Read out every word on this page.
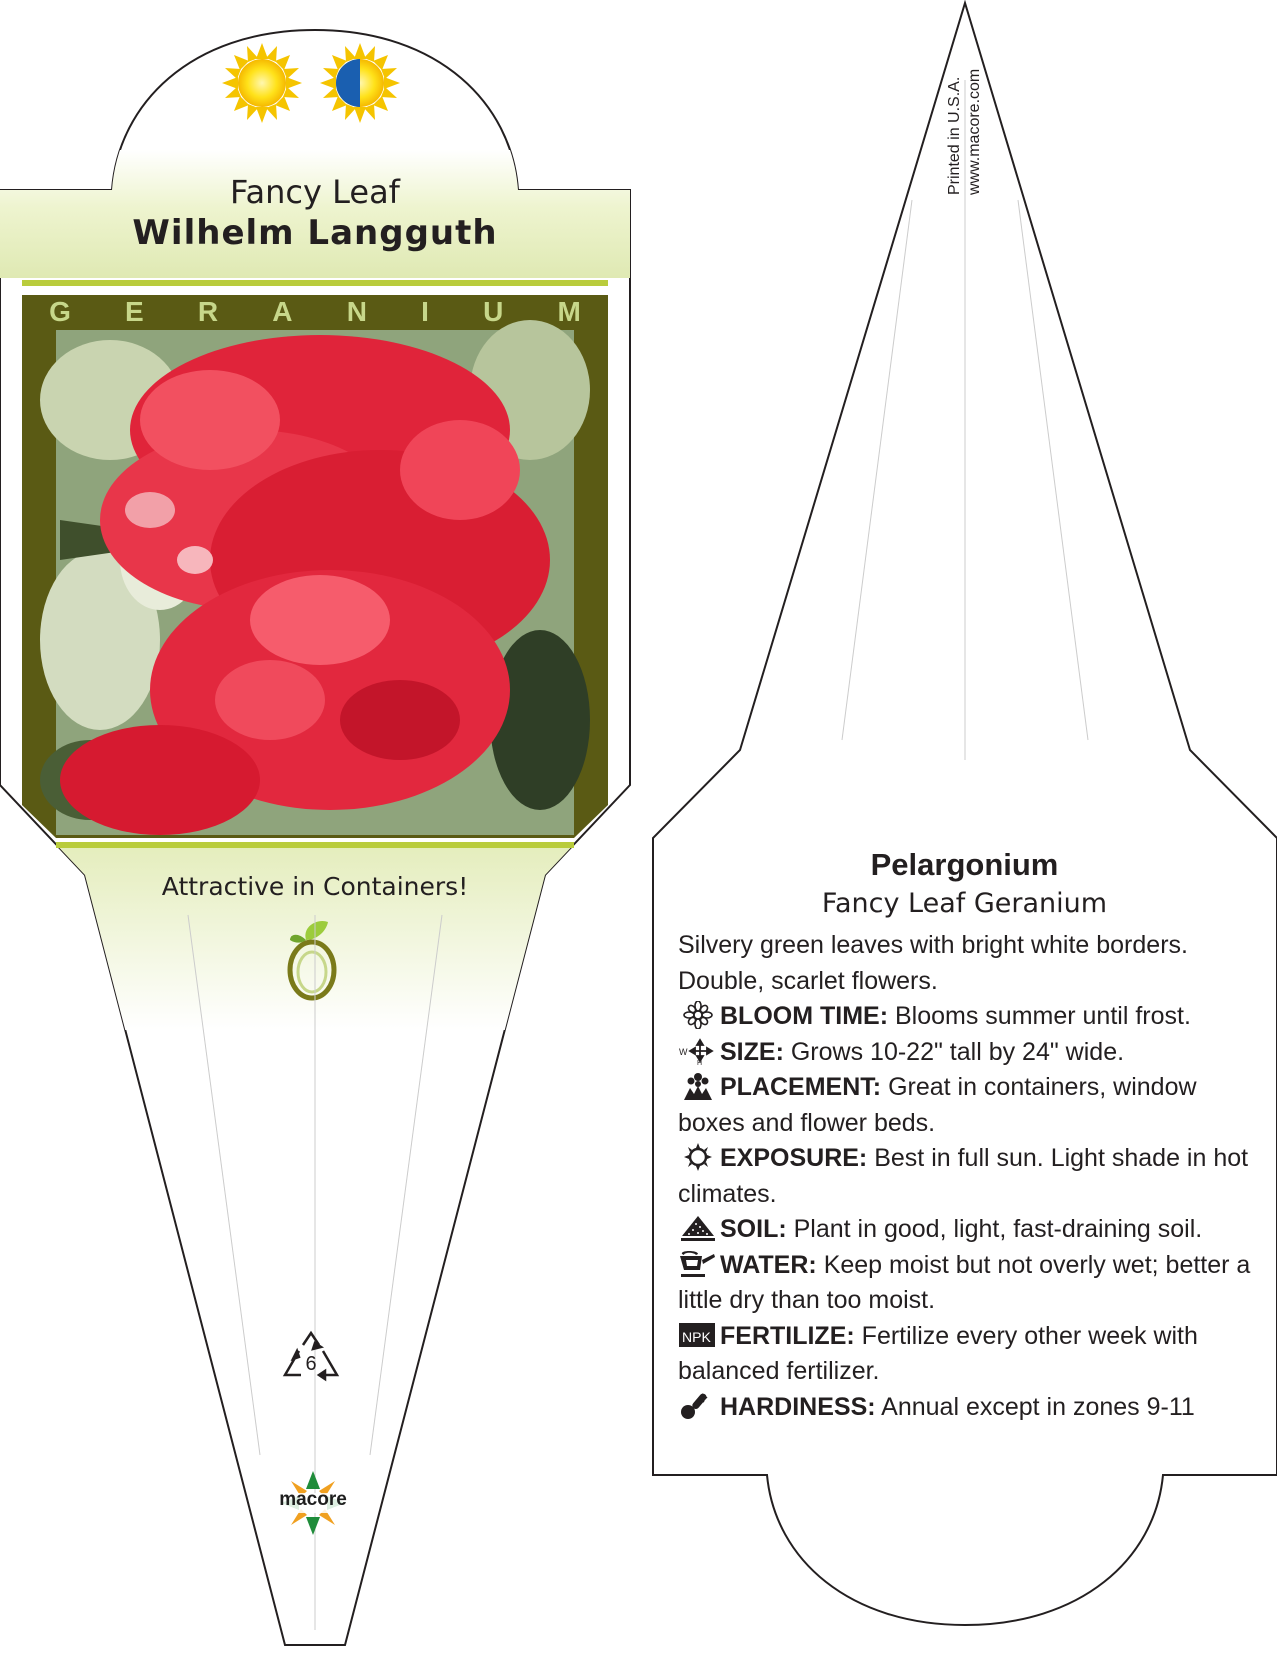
Fancy Leaf
Wilhelm Langguth
G E R A N I U M
Attractive in Containers!
6
macore
Printed in U.S.A. www.macore.com
Pelargonium
Fancy Leaf Geranium

Silvery green leaves with bright white borders. Double, scarlet flowers.

BLOOM TIME: Blooms summer until frost.

W
H SIZE: Grows 10-22" tall by 24" wide.

PLACEMENT: Great in containers, window boxes and flower beds.

EXPOSURE: Best in full sun. Light shade in hot climates.

SOIL: Plant in good, light, fast-draining soil.

WATER: Keep moist but not overly wet; better a little dry than too moist.

NPK FERTILIZE: Fertilize every other week with balanced fertilizer.

HARDINESS: Annual except in zones 9-11
